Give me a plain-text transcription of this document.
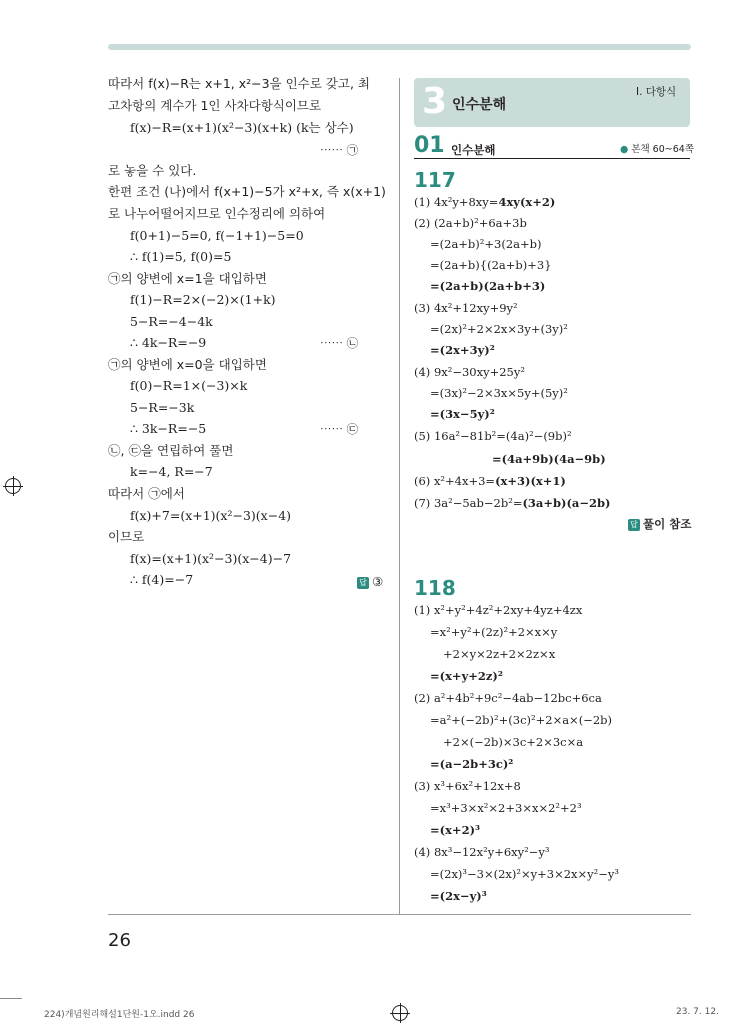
따라서 f(x)−R는 x+1, x²−3을 인수로 갖고, 최
고차항의 계수가 1인 사차다항식이므로
f(x)−R=(x+1)(x²−3)(x+k) (k는 상수)
⋯⋯ ㉠
로 놓을 수 있다.
한편 조건 (나)에서 f(x+1)−5가 x²+x, 즉 x(x+1)
로 나누어떨어지므로 인수정리에 의하여
f(0+1)−5=0, f(−1+1)−5=0
∴ f(1)=5, f(0)=5
㉠의 양변에 x=1을 대입하면
f(1)−R=2×(−2)×(1+k)
5−R=−4−4k
∴ 4k−R=−9	⋯⋯ ㉡
㉠의 양변에 x=0을 대입하면
f(0)−R=1×(−3)×k
5−R=−3k
∴ 3k−R=−5	⋯⋯ ㉢
㉡, ㉢을 연립하여 풀면
k=−4, R=−7
따라서 ㉠에서
f(x)+7=(x+1)(x²−3)(x−4)
이므로
f(x)=(x+1)(x²−3)(x−4)−7
∴ f(4)=−7	답 ③
3 인수분해
Ⅰ. 다항식
01 인수분해	● 본책 60~64쪽
117
(1) 4x²y+8xy=4xy(x+2)
(2) (2a+b)²+6a+3b
=(2a+b)²+3(2a+b)
=(2a+b){(2a+b)+3}
=(2a+b)(2a+b+3)
(3) 4x²+12xy+9y²
=(2x)²+2×2x×3y+(3y)²
=(2x+3y)²
(4) 9x²−30xy+25y²
=(3x)²−2×3x×5y+(5y)²
=(3x−5y)²
(5) 16a²−81b²=(4a)²−(9b)²
=(4a+9b)(4a−9b)
(6) x²+4x+3=(x+3)(x+1)
(7) 3a²−5ab−2b²=(3a+b)(a−2b)
답 풀이 참조
118
(1) x²+y²+4z²+2xy+4yz+4zx
=x²+y²+(2z)²+2×x×y
+2×y×2z+2×2z×x
=(x+y+2z)²
(2) a²+4b²+9c²−4ab−12bc+6ca
=a²+(−2b)²+(3c)²+2×a×(−2b)
+2×(−2b)×3c+2×3c×a
=(a−2b+3c)²
(3) x³+6x²+12x+8
=x³+3×x²×2+3×x×2²+2³
=(x+2)³
(4) 8x³−12x²y+6xy²−y³
=(2x)³−3×(2x)²×y+3×2x×y²−y³
=(2x−y)³
26
224)개념원리해설1단원-1오.indd 26	23. 7. 12.
